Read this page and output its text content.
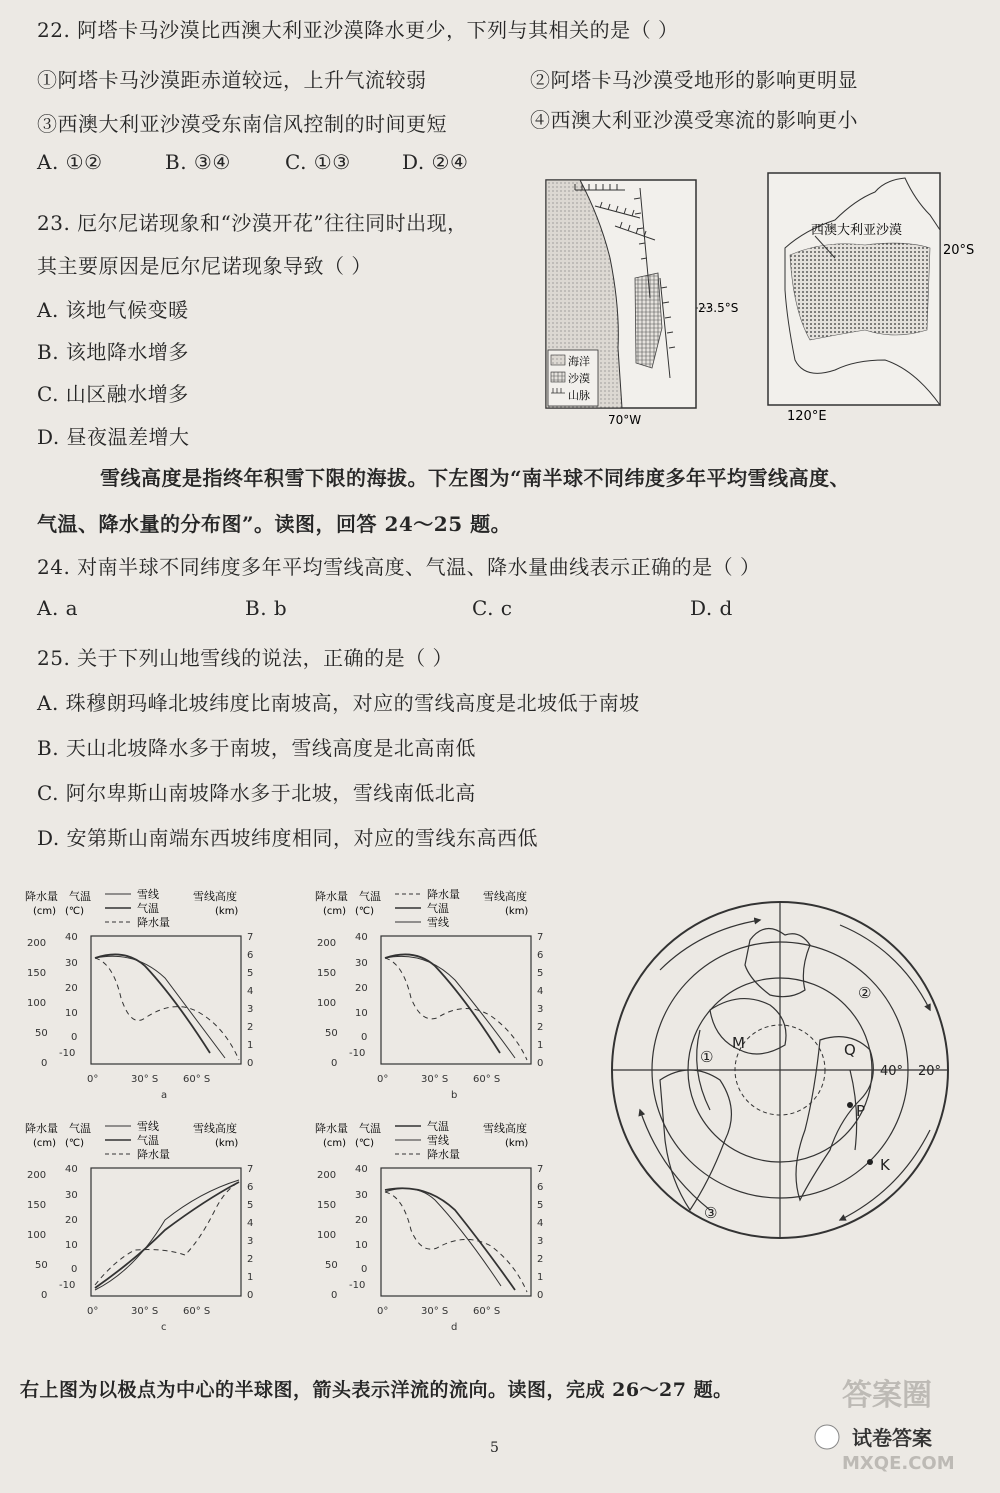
22. 阿塔卡马沙漠比西澳大利亚沙漠降水更少，下列与其相关的是（ ）
①阿塔卡马沙漠距赤道较远，上升气流较弱	②阿塔卡马沙漠受地形的影响更明显
③西澳大利亚沙漠受东南信风控制的时间更短	④西澳大利亚沙漠受寒流的影响更小
A. ①②	B. ③④	C. ①③	D. ②④
23. 厄尔尼诺现象和“沙漠开花”往往同时出现，
其主要原因是厄尔尼诺现象导致（ ）
A. 该地气候变暖
B. 该地降水增多
C. 山区融水增多
D. 昼夜温差增大
海洋
沙漠
山脉
23.5°S
70°W
西澳大利亚沙漠
20°S
120°E
雪线高度是指终年积雪下限的海拔。下左图为“南半球不同纬度多年平均雪线高度、
气温、降水量的分布图”。读图，回答 24～25 题。
24. 对南半球不同纬度多年平均雪线高度、气温、降水量曲线表示正确的是（ ）
A. a	B. b	C. c	D. d
25. 关于下列山地雪线的说法，正确的是（ ）
A. 珠穆朗玛峰北坡纬度比南坡高，对应的雪线高度是北坡低于南坡
B. 天山北坡降水多于南坡，雪线高度是北高南低
C. 阿尔卑斯山南坡降水多于北坡，雪线南低北高
D. 安第斯山南端东西坡纬度相同，对应的雪线东高西低
降水量 气温
(cm) (℃)
雪线
气温
降水量
雪线高度
(km)
200
150
100
50
0
40
30
20
10
0
-10
7
6
5
4
3
2
1
0
0°	30° S 60° S
a
降水量 气温
(cm) (℃)
降水量
气温
雪线
雪线高度
(km)
200
150
100
50
0
40
30
20
10
0
-10
7
6
5
4
3
2
1
0
0°	30° S 60° S
b
降水量 气温
(cm) (℃)
雪线
气温
降水量
雪线高度
(km)
200
150
100
50
0
40
30
20
10
0
-10
7
6
5
4
3
2
1
0
0°	30° S 60° S
c
降水量 气温
(cm) (℃)
气温
雪线
降水量
雪线高度
(km)
200
150
100
50
0
40
30
20
10
0
-10
7
6
5
4
3
2
1
0
0°	30° S 60° S
d
①
②
③
M	Q
P
K
40° 20°
右上图为以极点为中心的半球图，箭头表示洋流的流向。读图，完成 26～27 题。
5
答案圈
试卷答案
MXQE.COM
